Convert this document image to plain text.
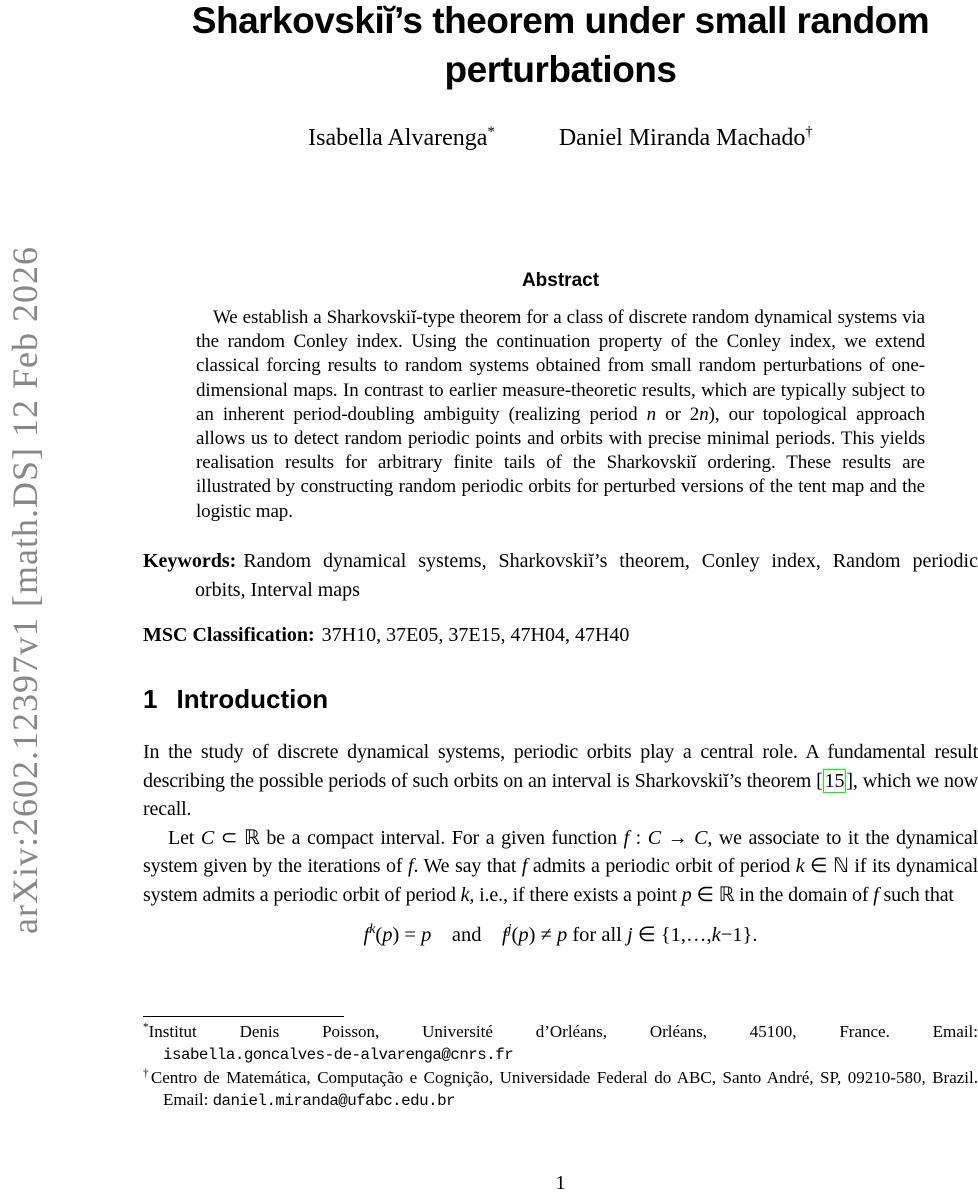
arXiv:2602.12397v1 [math.DS] 12 Feb 2026
Sharkovskiĭ’s theorem under small random perturbations
Isabella Alvarenga*	Daniel Miranda Machado†
Abstract
We establish a Sharkovskiĭ-type theorem for a class of discrete random dynamical systems via the random Conley index. Using the continuation property of the Conley index, we extend classical forcing results to random systems obtained from small random perturbations of one-dimensional maps. In contrast to earlier measure-theoretic results, which are typically subject to an inherent period-doubling ambiguity (realizing period n or 2n), our topological approach allows us to detect random periodic points and orbits with precise minimal periods. This yields realisation results for arbitrary finite tails of the Sharkovskiĭ ordering. These results are illustrated by constructing random periodic orbits for perturbed versions of the tent map and the logistic map.
Keywords: Random dynamical systems, Sharkovskiĭ’s theorem, Conley index, Random periodic orbits, Interval maps
MSC Classification: 37H10, 37E05, 37E15, 47H04, 47H40
1 Introduction

In the study of discrete dynamical systems, periodic orbits play a central role. A fundamental result describing the possible periods of such orbits on an interval is Sharkovskiĭ’s theorem [ 15 ], which we now recall.

Let C ⊂ ℝ be a compact interval. For a given function f : C → C, we associate to it the dynamical system given by the iterations of f. We say that f admits a periodic orbit of period k ∈ ℕ if its dynamical system admits a periodic orbit of period k, i.e., if there exists a point p ∈ ℝ in the domain of f such that

$f^k(p) = p$ and $f^j(p) \ne p$ for all j ∈ {1,…,k−1}.

*Institut Denis Poisson, Université d’Orléans, Orléans, 45100, France. Email: isabella.goncalves-de-alvarenga@cnrs.fr

†Centro de Matemática, Computação e Cognição, Universidade Federal do ABC, Santo André, SP, 09210-580, Brazil. Email: daniel.miranda@ufabc.edu.br

1
